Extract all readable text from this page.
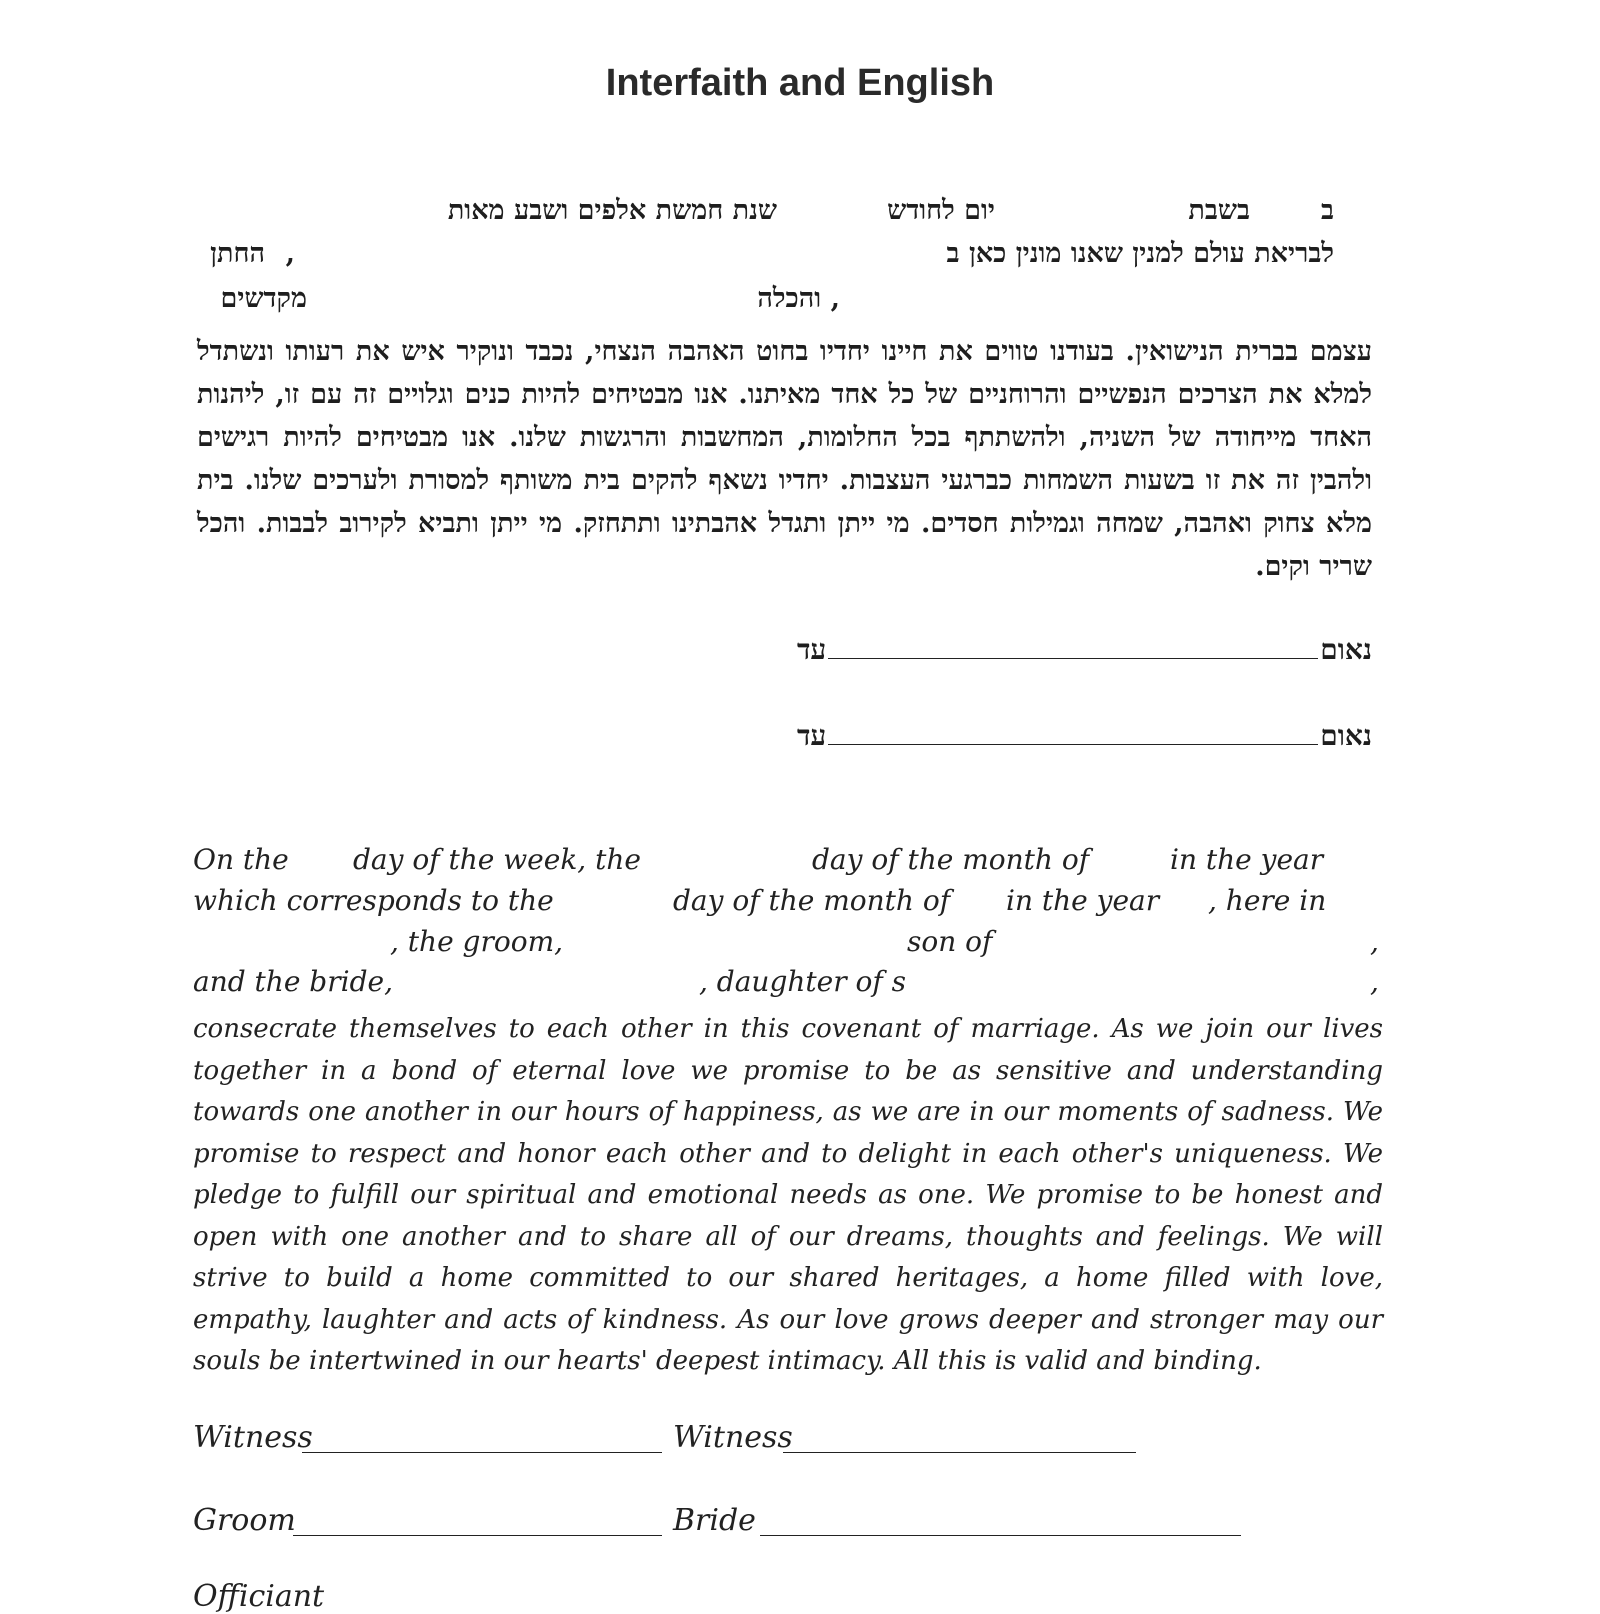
Interfaith and English
ב
בשבת
יום לחודש
שנת חמשת אלפים ושבע מאות
לבריאת עולם למנין שאנו מונין כאן ב
,
החתן
והכלה ,
מקדשים
עצמם בברית הנישואין. בעודנו טווים את חיינו יחדיו בחוט האהבה הנצחי, נכבד ונוקיר איש את רעותו ונשתדל למלא את הצרכים הנפשיים והרוחניים של כל אחד מאיתנו. אנו מבטיחים להיות כנים וגלויים זה עם זו, ליהנות האחד מייחודה של השניה, ולהשתתף בכל החלומות, המחשבות והרגשות שלנו. אנו מבטיחים להיות רגישים ולהבין זה את זו בשעות השמחות כברגעי העצבות. יחדיו נשאף להקים בית משותף למסורת ולערכים שלנו. בית מלא צחוק ואהבה, שמחה וגמילות חסדים. מי ייתן ותגדל אהבתינו ותתחזק. מי ייתן ותביא לקירוב לבבות. והכל שריר וקים.
נאוםעד
נאוםעד
On the day of the week, the	day of the month of	in the year
which corresponds to the	day of the month of in the year , here in
, the groom,	son of	,
and the bride,	, daughter of s	,
consecrate themselves to each other in this covenant of marriage. As we join our lives together in a bond of eternal love we promise to be as sensitive and understanding towards one another in our hours of happiness, as we are in our moments of sadness. We promise to respect and honor each other and to delight in each other's uniqueness. We pledge to fulfill our spiritual and emotional needs as one. We promise to be honest and open with one another and to share all of our dreams, thoughts and feelings. We will strive to build a home committed to our shared heritages, a home filled with love, empathy, laughter and acts of kindness. As our love grows deeper and stronger may our souls be intertwined in our hearts' deepest intimacy. All this is valid and binding.
Witness	Witness
Groom	Bride
Officiant
